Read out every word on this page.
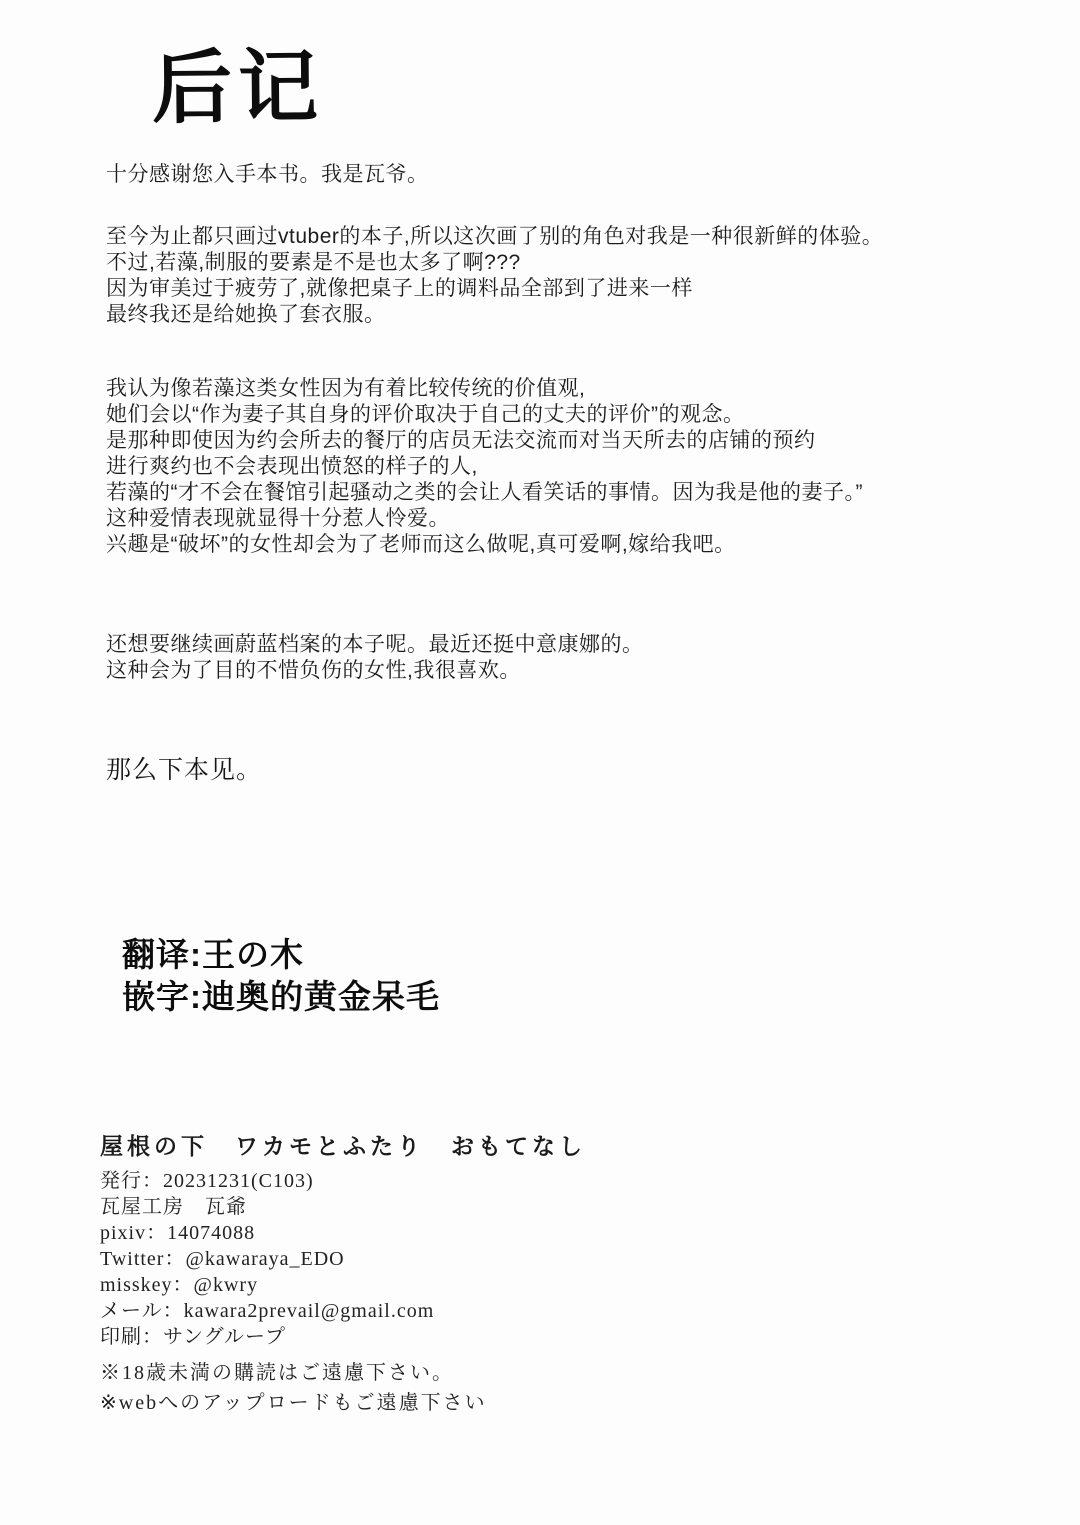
后记
十分感谢您入手本书。我是瓦爷。
至今为止都只画过vtuber的本子,所以这次画了别的角色对我是一种很新鲜的体验。
不过,若藻,制服的要素是不是也太多了啊???
因为审美过于疲劳了,就像把桌子上的调料品全部到了进来一样
最终我还是给她换了套衣服。
我认为像若藻这类女性因为有着比较传统的价值观,
她们会以“作为妻子其自身的评价取决于自己的丈夫的评价”的观念。
是那种即使因为约会所去的餐厅的店员无法交流而对当天所去的店铺的预约
进行爽约也不会表现出愤怒的样子的人,
若藻的“才不会在餐馆引起骚动之类的会让人看笑话的事情。因为我是他的妻子。”
这种爱情表现就显得十分惹人怜爱。
兴趣是“破坏”的女性却会为了老师而这么做呢,真可爱啊,嫁给我吧。
还想要继续画蔚蓝档案的本子呢。最近还挺中意康娜的。
这种会为了目的不惜负伤的女性,我很喜欢。
那么下本见。
翻译:王の木
嵌字:迪奥的黄金呆毛
屋根の下　ワカモとふたり　おもてなし
発行：20231231(C103)
瓦屋工房　瓦爺
pixiv：14074088
Twitter：@kawaraya_EDO
misskey：@kwry
メール：kawara2prevail@gmail.com
印刷：サングループ
※18歳未満の購読はご遠慮下さい。
※webへのアップロードもご遠慮下さい
